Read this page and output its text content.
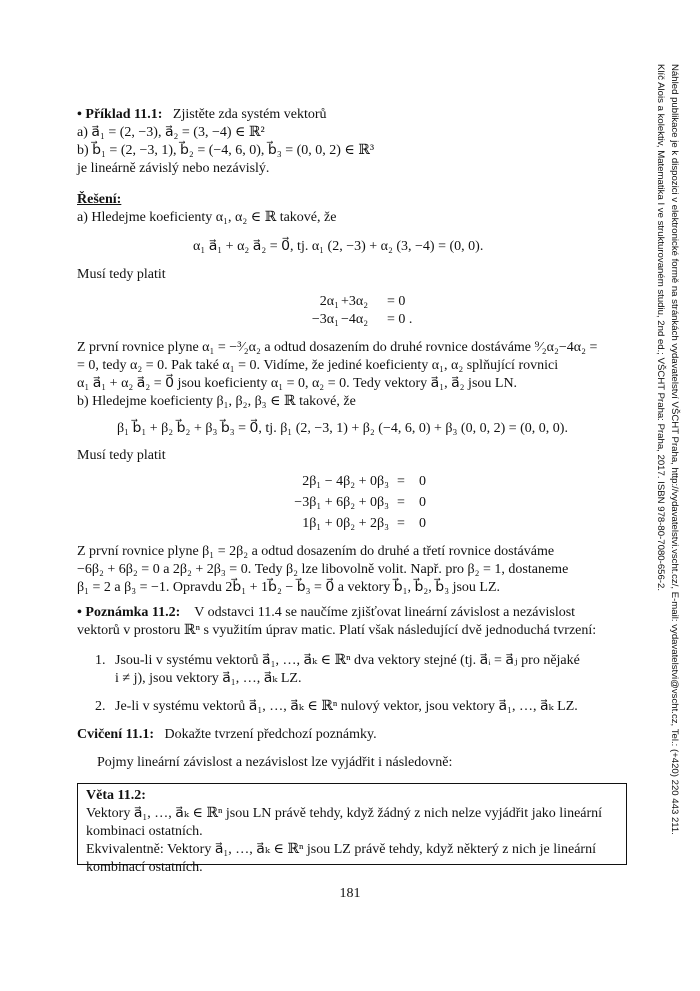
• Příklad 11.1: Zjistěte zda systém vektorů
a) a⃗₁ = (2, −3), a⃗₂ = (3, −4) ∈ ℝ²
b) b⃗₁ = (2, −3, 1), b⃗₂ = (−4, 6, 0), b⃗₃ = (0, 0, 2) ∈ ℝ³
je lineárně závislý nebo nezávislý.
Řešení:
a) Hledejme koeficienty α₁, α₂ ∈ ℝ takové, že
α₁ a⃗₁ + α₂ a⃗₂ = 0⃗, tj. α₁ (2, −3) + α₂ (3, −4) = (0, 0).
Musí tedy platit
2α₁ +3α₂ = 0
−3α₁ −4α₂ = 0 .
Z první rovnice plyne α₁ = −³⁄₂α₂ a odtud dosazením do druhé rovnice dostáváme ⁹⁄₂α₂−4α₂ =
= 0, tedy α₂ = 0. Pak také α₁ = 0. Vidíme, že jediné koeficienty α₁, α₂ splňující rovnici
α₁ a⃗₁ + α₂ a⃗₂ = 0⃗ jsou koeficienty α₁ = 0, α₂ = 0. Tedy vektory a⃗₁, a⃗₂ jsou LN.
b) Hledejme koeficienty β₁, β₂, β₃ ∈ ℝ takové, že
β₁ b⃗₁ + β₂ b⃗₂ + β₃ b⃗₃ = 0⃗, tj. β₁ (2, −3, 1) + β₂ (−4, 6, 0) + β₃ (0, 0, 2) = (0, 0, 0).
Musí tedy platit
2β₁ − 4β₂ + 0β₃ = 0
−3β₁ + 6β₂ + 0β₃ = 0
1β₁ + 0β₂ + 2β₃ = 0
Z první rovnice plyne β₁ = 2β₂ a odtud dosazením do druhé a třetí rovnice dostáváme
−6β₂ + 6β₂ = 0 a 2β₂ + 2β₃ = 0. Tedy β₂ lze libovolně volit. Např. pro β₂ = 1, dostaneme
β₁ = 2 a β₃ = −1. Opravdu 2b⃗₁ + 1b⃗₂ − b⃗₃ = 0⃗ a vektory b⃗₁, b⃗₂, b⃗₃ jsou LZ.
• Poznámka 11.2: V odstavci 11.4 se naučíme zjišťovat lineární závislost a nezávislost
vektorů v prostoru ℝⁿ s využitím úprav matic. Platí však následující dvě jednoduchá tvrzení:
1. Jsou-li v systému vektorů a⃗₁, …, a⃗ₖ ∈ ℝⁿ dva vektory stejné (tj. a⃗ᵢ = a⃗ⱼ pro nějaké
i ≠ j), jsou vektory a⃗₁, …, a⃗ₖ LZ.
2. Je-li v systému vektorů a⃗₁, …, a⃗ₖ ∈ ℝⁿ nulový vektor, jsou vektory a⃗₁, …, a⃗ₖ LZ.
Cvičení 11.1: Dokažte tvrzení předchozí poznámky.
Pojmy lineární závislost a nezávislost lze vyjádřit i následovně:
Věta 11.2:
Vektory a⃗₁, …, a⃗ₖ ∈ ℝⁿ jsou LN právě tehdy, když žádný z nich nelze vyjádřit jako lineární
kombinaci ostatních.
Ekvivalentně: Vektory a⃗₁, …, a⃗ₖ ∈ ℝⁿ jsou LZ právě tehdy, když některý z nich je lineární
kombinací ostatních.
181
Náhled publikace je k dispozici v elektronické formě na stránkách vydavatelství VŠCHT Praha, http://vydavatelstvi.vscht.cz/, E-mail: vydavatelstvi@vscht.cz, Tel.: (+420) 220 443 211.
Klíč Alois a kolektiv, Matematika I ve strukturovaném studiu, 2nd ed.; VŠCHT Praha: Praha, 2017. ISBN 978-80-7080-656-2.
